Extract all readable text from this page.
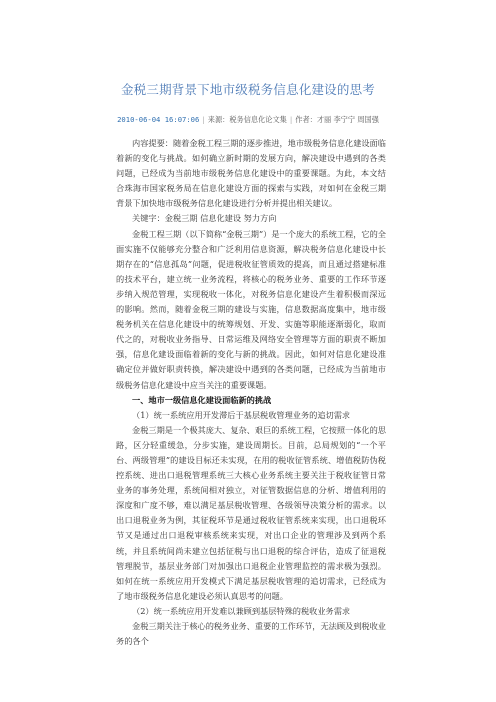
金税三期背景下地市级税务信息化建设的思考
2010-06-04 16:07:06 | 来源：税务信息化论文集 | 作者：才丽 李宁宁 周国强

内容提要：随着金税工程三期的逐步推进，地市级税务信息化建设面临着新的变化与挑战。如何确立新时期的发展方向，解决建设中遇到的各类问题，已经成为当前地市级税务信息化建设中的重要课题。为此，本文结合珠海市国家税务局在信息化建设方面的探索与实践，对如何在金税三期背景下加快地市级税务信息化建设进行分析并提出相关建议。

关键字：金税三期 信息化建设 努力方向

金税工程三期（以下简称“金税三期”）是一个庞大的系统工程，它的全面实施不仅能够充分整合和广泛利用信息资源，解决税务信息化建设中长期存在的“信息孤岛”问题，促进税收征管质效的提高，而且通过搭建标准的技术平台，建立统一业务流程，将核心的税务业务、重要的工作环节逐步纳入规范管理，实现税收一体化，对税务信息化建设产生着积极而深远的影响。然而，随着金税三期的建设与实施，信息数据高度集中，地市级税务机关在信息化建设中的统筹规划、开发、实施等职能逐渐弱化，取而代之的，对税收业务指导、日常运维及网络安全管理等方面的职责不断加强，信息化建设面临着新的变化与新的挑战。因此，如何对信息化建设准确定位并做好职责转换，解决建设中遇到的各类问题，已经成为当前地市级税务信息化建设中应当关注的重要课题。

一、地市一级信息化建设面临新的挑战
（1）统一系统应用开发滞后于基层税收管理业务的追切需求

金税三期是一个极其庞大、复杂、艰巨的系统工程，它按照一体化的思路，区分轻重缓急，分步实施，建设周期长。目前，总局规划的“一个平台、两级管理”的建设目标还未实现，在用的税收征管系统、增值税防伪税控系统、进出口退税管理系统三大核心业务系统主要关注于税收征管日常业务的事务处理，系统间相对独立，对征管数据信息的分析、增值利用的深度和广度不够，难以满足基层税收管理、各级领导决策分析的需求。以出口退税业务为例，其征税环节是通过税收征管系统来实现，出口退税环节又是通过出口退税审核系统来实现，对出口企业的管理涉及到两个系统，并且系统间尚未建立包括征税与出口退税的综合评估，造成了征退税管理脱节，基层业务部门对加强出口退税企业管理监控的需求极为强烈。如何在统一系统应用开发模式下满足基层税收管理的追切需求，已经成为了地市级税务信息化建设必须认真思考的问题。

（2）统一系统应用开发难以兼顾到基层特殊的税收业务需求

金税三期关注于核心的税务业务、重要的工作环节，无法顾及到税收业务的各个
